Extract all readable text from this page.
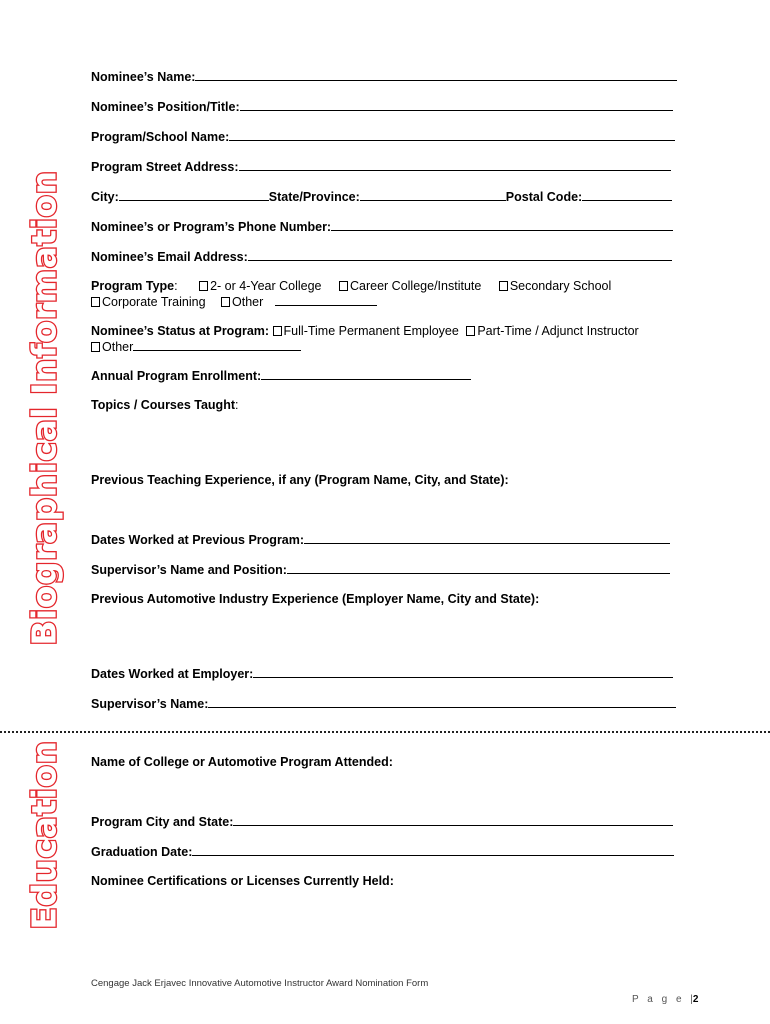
Biographical Information
Education
Nominee’s Name:
Nominee’s Position/Title:
Program/School Name:
Program Street Address:
City:	State/Province:	Postal Code:
Nominee’s or Program’s Phone Number:
Nominee’s Email Address:
Program Type:	2- or 4-Year College Career College/Institute Secondary School
Corporate Training Other
Nominee’s Status at Program: Full-Time Permanent Employee Part-Time / Adjunct Instructor
Other
Annual Program Enrollment:
Topics / Courses Taught:
Previous Teaching Experience, if any (Program Name, City, and State):
Dates Worked at Previous Program:
Supervisor’s Name and Position:
Previous Automotive Industry Experience (Employer Name, City and State):
Dates Worked at Employer:
Supervisor’s Name:
Name of College or Automotive Program Attended:
Program City and State:
Graduation Date:
Nominee Certifications or Licenses Currently Held:
Cengage Jack Erjavec Innovative Automotive Instructor Award Nomination Form
P a g e |2
